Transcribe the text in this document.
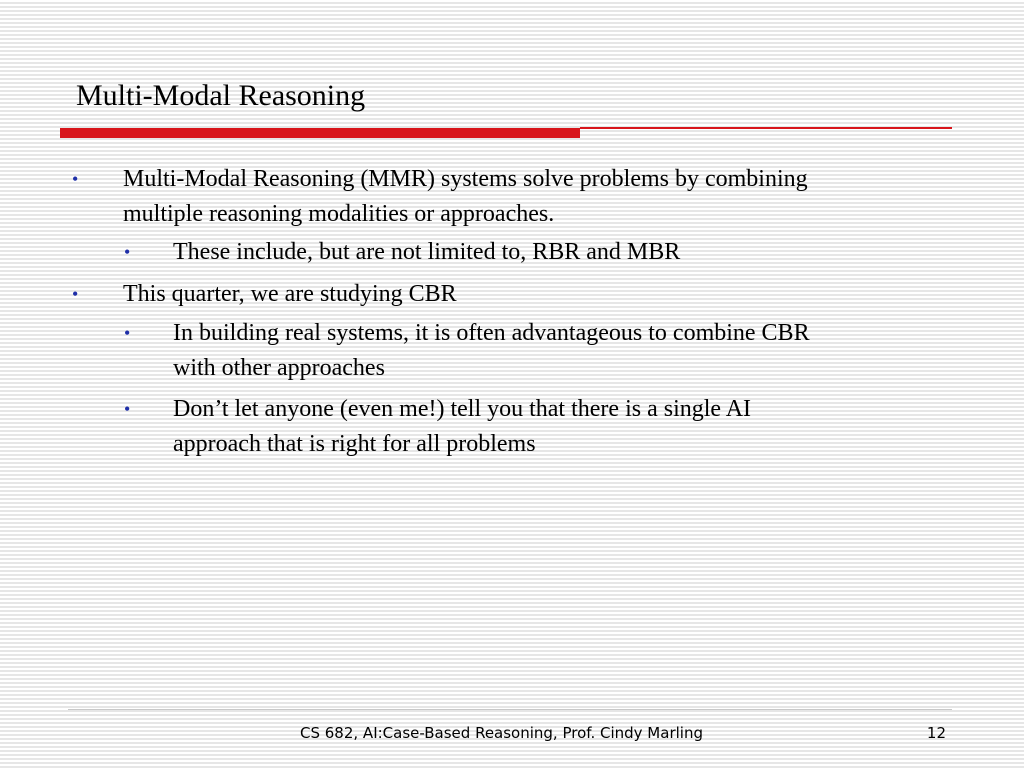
Multi-Modal Reasoning
• Multi-Modal Reasoning (MMR) systems solve problems by combining
multiple reasoning modalities or approaches.
• These include, but are not limited to, RBR and MBR
• This quarter, we are studying CBR
• In building real systems, it is often advantageous to combine CBR
with other approaches
• Don’t let anyone (even me!) tell you that there is a single AI
approach that is right for all problems
CS 682, AI:Case-Based Reasoning, Prof. Cindy Marling	12
